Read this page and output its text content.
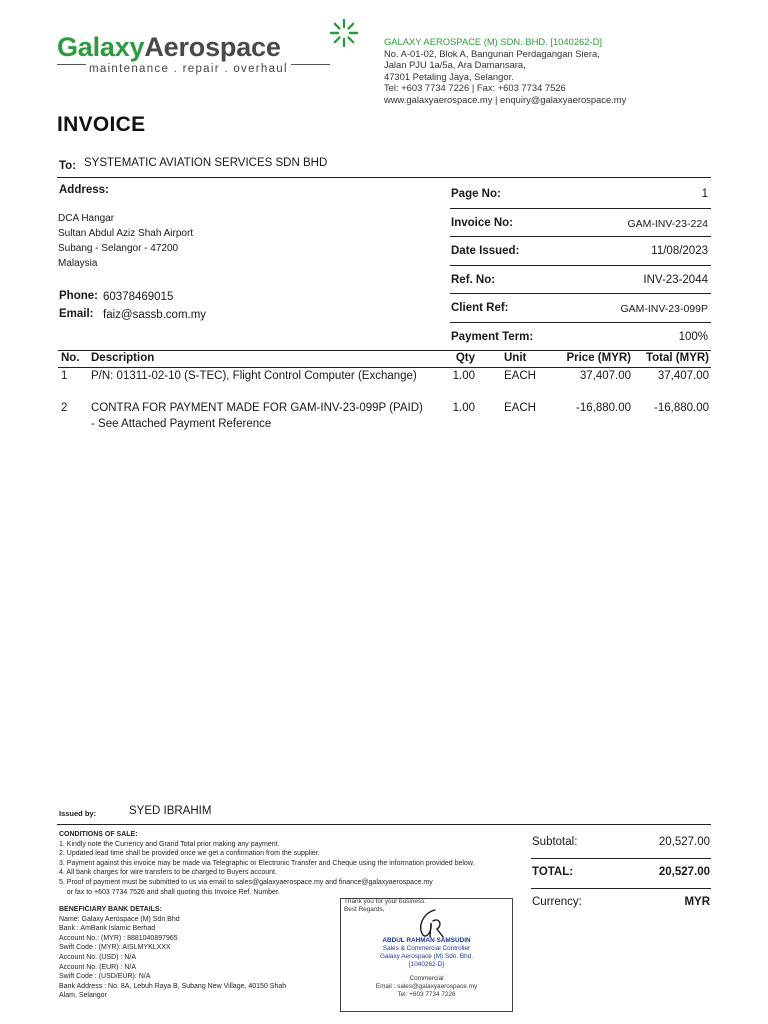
GalaxyAerospace
maintenance . repair . overhaul
GALAXY AEROSPACE (M) SDN. BHD. [1040262-D]
No. A-01-02, Blok A, Bangunan Perdagangan Siera,
Jalan PJU 1a/5a, Ara Damansara,
47301 Petaling Jaya, Selangor.
Tel: +603 7734 7226 | Fax: +603 7734 7526
www.galaxyaerospace.my | enquiry@galaxyaerospace.my
INVOICE
To: SYSTEMATIC AVIATION SERVICES SDN BHD
Address:
DCA Hangar
Sultan Abdul Aziz Shah Airport
Subang - Selangor - 47200
Malaysia
Phone: 60378469015
Email: faiz@sassb.com.my
Page No:	1
Invoice No:	GAM-INV-23-224
Date Issued:	11/08/2023
Ref. No:	INV-23-2044
Client Ref:	GAM-INV-23-099P
Payment Term:	100%
No. Description	Qty	Unit	Price (MYR) Total (MYR)
1 P/N: 01311-02-10 (S-TEC), Flight Control Computer (Exchange)	1.00	EACH	37,407.00 37,407.00
2 CONTRA FOR PAYMENT MADE FOR GAM-INV-23-099P (PAID)
- See Attached Payment Reference
1.00	EACH	-16,880.00 -16,880.00
Issued by:	SYED IBRAHIM
CONDITIONS OF SALE:
1. Kindly note the Currency and Grand Total prior making any payment.
2. Updated lead time shall be provided once we get a confirmation from the supplier.
3. Payment against this invoice may be made via Telegraphic or Electronic Transfer and Cheque using the information provided below.
4. All bank charges for wire transfers to be charged to Buyers account.
5. Proof of payment must be submitted to us via email to sales@galaxyaerospace.my and finance@galaxyaerospace.my
or fax to +603 7734 7526 and shall quoting this Invoice Ref. Number.
BENEFICIARY BANK DETAILS:
Name: Galaxy Aerospace (M) Sdn Bhd
Bank : AmBank Islamic Berhad
Account No.: (MYR) : 8881040897965
Swift Code : (MYR): AISLMYKLXXX
Account No. (USD) : N/A
Account No. (EUR) : N/A
Swift Code : (USD/EUR): N/A
Bank Address : No. 8A, Lebuh Raya B, Subang New Village, 40150 Shah
Alam, Selangor
Thank you for your business.
Best Regards,
ABDUL RAHMAN SAMSUDIN
Sales & Commercial Controller
Galaxy Aerospace (M) Sdn. Bhd.
[1040262-D]
Commercial
Email : sales@galaxyaerospace.my
Tel: +603 7734 7226
Subtotal:	20,527.00
TOTAL:	20,527.00
Currency:	MYR
